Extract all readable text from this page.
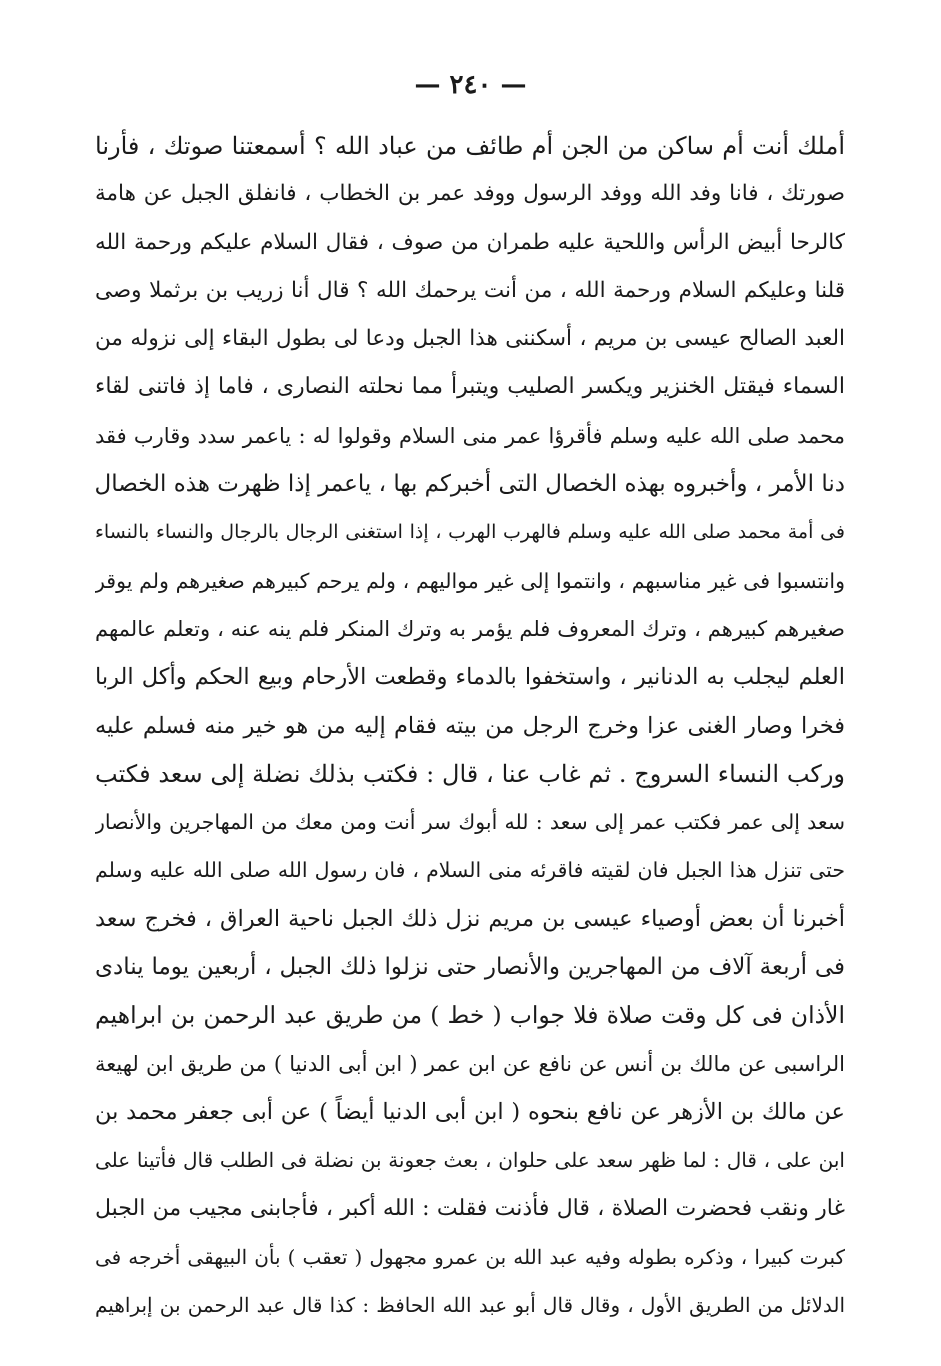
— ٢٤٠ —
أملك أنت أم ساكن من الجن أم طائف من عباد الله ؟ أسمعتنا صوتك ، فأرنا
صورتك ، فانا وفد الله ووفد الرسول ووفد عمر بن الخطاب ، فانفلق الجبل عن هامة
كالرحا أبيض الرأس واللحية عليه طمران من صوف ، فقال السلام عليكم ورحمة الله
قلنا وعليكم السلام ورحمة الله ، من أنت يرحمك الله ؟ قال أنا زريب بن برثملا وصى
العبد الصالح عيسى بن مريم ، أسكننى هذا الجبل ودعا لى بطول البقاء إلى نزوله من
السماء فيقتل الخنزير ويكسر الصليب ويتبرأ مما نحلته النصارى ، فاما إذ فاتنى لقاء
محمد صلى الله عليه وسلم فأقرؤا عمر منى السلام وقولوا له : ياعمر سدد وقارب فقد
دنا الأمر ، وأخبروه بهذه الخصال التى أخبركم بها ، ياعمر إذا ظهرت هذه الخصال
فى أمة محمد صلى الله عليه وسلم فالهرب الهرب ، إذا استغنى الرجال بالرجال والنساء بالنساء
وانتسبوا فى غير مناسبهم ، وانتموا إلى غير مواليهم ، ولم يرحم كبيرهم صغيرهم ولم يوقر
صغيرهم كبيرهم ، وترك المعروف فلم يؤمر به وترك المنكر فلم ينه عنه ، وتعلم عالمهم
العلم ليجلب به الدنانير ، واستخفوا بالدماء وقطعت الأرحام وبيع الحكم وأكل الربا
فخرا وصار الغنى عزا وخرج الرجل من بيته فقام إليه من هو خير منه فسلم عليه
وركب النساء السروج . ثم غاب عنا ، قال : فكتب بذلك نضلة إلى سعد فكتب
سعد إلى عمر فكتب عمر إلى سعد : لله أبوك سر أنت ومن معك من المهاجرين والأنصار
حتى تنزل هذا الجبل فان لقيته فاقرئه منى السلام ، فان رسول الله صلى الله عليه وسلم
أخبرنا أن بعض أوصياء عيسى بن مريم نزل ذلك الجبل ناحية العراق ، فخرج سعد
فى أربعة آلاف من المهاجرين والأنصار حتى نزلوا ذلك الجبل ، أربعين يوما ينادى
الأذان فى كل وقت صلاة فلا جواب ( خط ) من طريق عبد الرحمن بن ابراهيم
الراسبى عن مالك بن أنس عن نافع عن ابن عمر ( ابن أبى الدنيا ) من طريق ابن لهيعة
عن مالك بن الأزهر عن نافع بنحوه ( ابن أبى الدنيا أيضاً ) عن أبى جعفر محمد بن
ابن على ، قال : لما ظهر سعد على حلوان ، بعث جعونة بن نضلة فى الطلب قال فأتينا على
غار ونقب فحضرت الصلاة ، قال فأذنت فقلت : الله أكبر ، فأجابنى مجيب من الجبل
كبرت كبيرا ، وذكره بطوله وفيه عبد الله بن عمرو مجهول ( تعقب ) بأن البيهقى أخرجه فى
الدلائل من الطريق الأول ، وقال قال أبو عبد الله الحافظ : كذا قال عبد الرحمن بن إبراهيم
